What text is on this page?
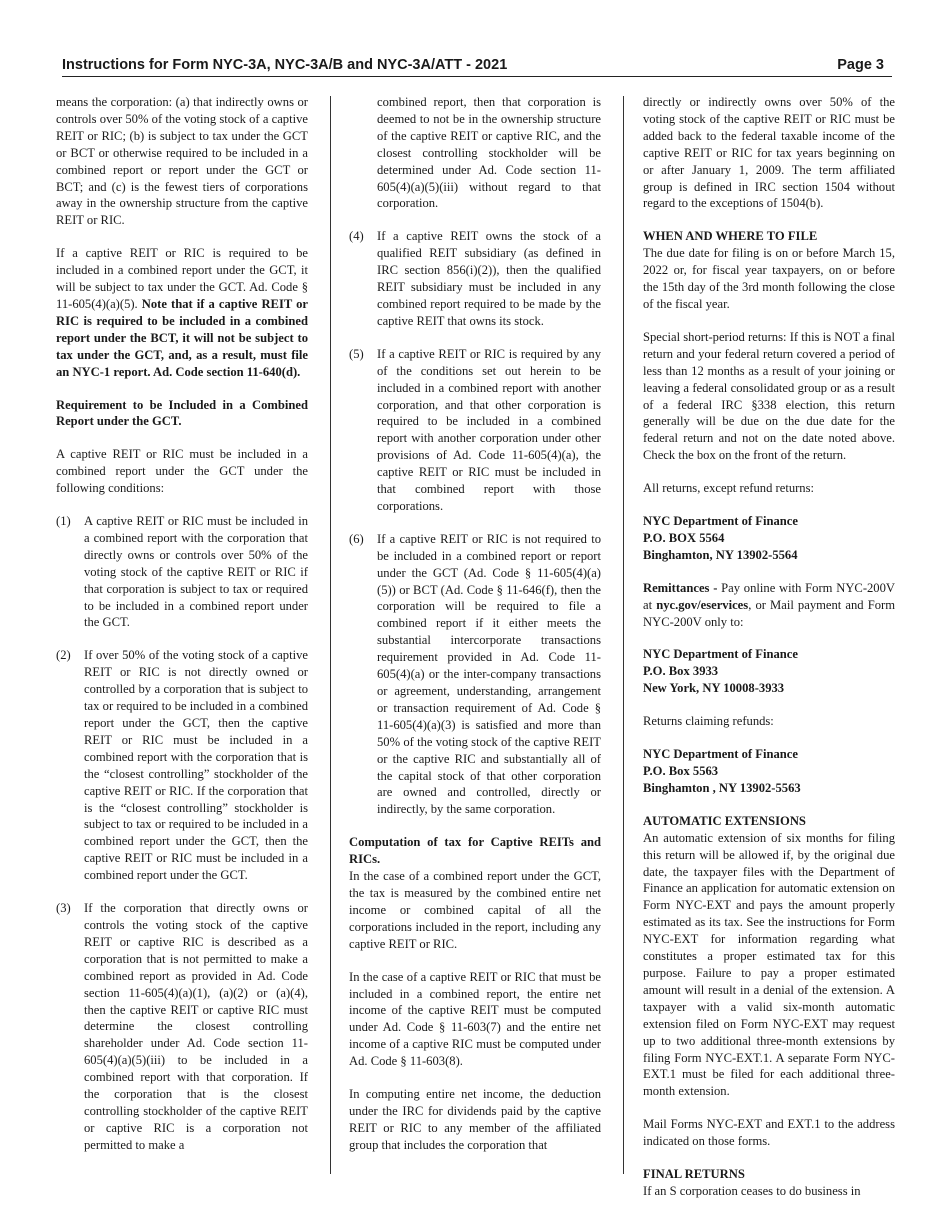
Instructions for Form NYC-3A, NYC-3A/B and NYC-3A/ATT - 2021	Page 3

means the corporation: (a) that indirectly owns or controls over 50% of the voting stock of a captive REIT or RIC; (b) is subject to tax under the GCT or BCT or otherwise required to be included in a combined report or report under the GCT or BCT; and (c) is the fewest tiers of corporations away in the ownership structure from the captive REIT or RIC.

If a captive REIT or RIC is required to be included in a combined report under the GCT, it will be subject to tax under the GCT. Ad. Code § 11-605(4)(a)(5). Note that if a captive REIT or RIC is required to be included in a combined report under the BCT, it will not be subject to tax under the GCT, and, as a result, must file an NYC-1 report. Ad. Code section 11-640(d).

Requirement to be Included in a Combined Report under the GCT.

A captive REIT or RIC must be included in a combined report under the GCT under the following conditions:

(1) A captive REIT or RIC must be included in a combined report with the corporation that directly owns or controls over 50% of the voting stock of the captive REIT or RIC if that corporation is subject to tax or required to be included in a combined report under the GCT.
(2) If over 50% of the voting stock of a captive REIT or RIC is not directly owned or controlled by a corporation that is subject to tax or required to be included in a combined report under the GCT, then the captive REIT or RIC must be included in a combined report with the corporation that is the “closest controlling” stockholder of the captive REIT or RIC. If the corporation that is the “closest controlling” stockholder is subject to tax or required to be included in a combined report under the GCT, then the captive REIT or RIC must be included in a combined report under the GCT.
(3) If the corporation that directly owns or controls the voting stock of the captive REIT or captive RIC is described as a corporation that is not permitted to make a combined report as provided in Ad. Code section 11-605(4)(a)(1), (a)(2) or (a)(4), then the captive REIT or captive RIC must determine the closest controlling shareholder under Ad. Code section 11-605(4)(a)(5)(iii) to be included in a combined report with that corporation. If the corporation that is the closest controlling stockholder of the captive REIT or captive RIC is a corporation not permitted to make a

combined report, then that corporation is deemed to not be in the ownership structure of the captive REIT or captive RIC, and the closest controlling stockholder will be determined under Ad. Code section 11-605(4)(a)(5)(iii) without regard to that corporation.

(4) If a captive REIT owns the stock of a qualified REIT subsidiary (as defined in IRC section 856(i)(2)), then the qualified REIT subsidiary must be included in any combined report required to be made by the captive REIT that owns its stock.
(5) If a captive REIT or RIC is required by any of the conditions set out herein to be included in a combined report with another corporation, and that other corporation is required to be included in a combined report with another corporation under other provisions of Ad. Code 11-605(4)(a), the captive REIT or RIC must be included in that combined report with those corporations.
(6) If a captive REIT or RIC is not required to be included in a combined report or report under the GCT (Ad. Code § 11-605(4)(a)(5)) or BCT (Ad. Code § 11-646(f), then the corporation will be required to file a combined report if it either meets the substantial intercorporate transactions requirement provided in Ad. Code 11-605(4)(a) or the inter-company transactions or agreement, understanding, arrangement or transaction requirement of Ad. Code § 11-605(4)(a)(3) is satisfied and more than 50% of the voting stock of the captive REIT or the captive RIC and substantially all of the capital stock of that other corporation are owned and controlled, directly or indirectly, by the same corporation.
Computation of tax for Captive REITs and RICs.

In the case of a combined report under the GCT, the tax is measured by the combined entire net income or combined capital of all the corporations included in the report, including any captive REIT or RIC.

In the case of a captive REIT or RIC that must be included in a combined report, the entire net income of the captive REIT must be computed under Ad. Code § 11-603(7) and the entire net income of a captive RIC must be computed under Ad. Code § 11-603(8).

In computing entire net income, the deduction under the IRC for dividends paid by the captive REIT or RIC to any member of the affiliated group that includes the corporation that

directly or indirectly owns over 50% of the voting stock of the captive REIT or RIC must be added back to the federal taxable income of the captive REIT or RIC for tax years beginning on or after January 1, 2009. The term affiliated group is defined in IRC section 1504 without regard to the exceptions of 1504(b).

WHEN AND WHERE TO FILE

The due date for filing is on or before March 15, 2022 or, for fiscal year taxpayers, on or before the 15th day of the 3rd month following the close of the fiscal year.

Special short-period returns: If this is NOT a final return and your federal return covered a period of less than 12 months as a result of your joining or leaving a federal consolidated group or as a result of a federal IRC §338 election, this return generally will be due on the due date for the federal return and not on the date noted above. Check the box on the front of the return.

All returns, except refund returns:

NYC Department of Finance
P.O. BOX 5564
Binghamton, NY 13902-5564

Remittances - Pay online with Form NYC-200V at nyc.gov/eservices, or Mail payment and Form NYC-200V only to:

NYC Department of Finance
P.O. Box 3933
New York, NY 10008-3933

Returns claiming refunds:

NYC Department of Finance
P.O. Box 5563
Binghamton , NY 13902-5563
AUTOMATIC EXTENSIONS

An automatic extension of six months for filing this return will be allowed if, by the original due date, the taxpayer files with the Department of Finance an application for automatic extension on Form NYC-EXT and pays the amount properly estimated as its tax. See the instructions for Form NYC-EXT for information regarding what constitutes a proper estimated tax for this purpose. Failure to pay a proper estimated amount will result in a denial of the extension. A taxpayer with a valid six-month automatic extension filed on Form NYC-EXT may request up to two additional three-month extensions by filing Form NYC-EXT.1. A separate Form NYC-EXT.1 must be filed for each additional three-month extension.

Mail Forms NYC-EXT and EXT.1 to the address indicated on those forms.

FINAL RETURNS

If an S corporation ceases to do business in
